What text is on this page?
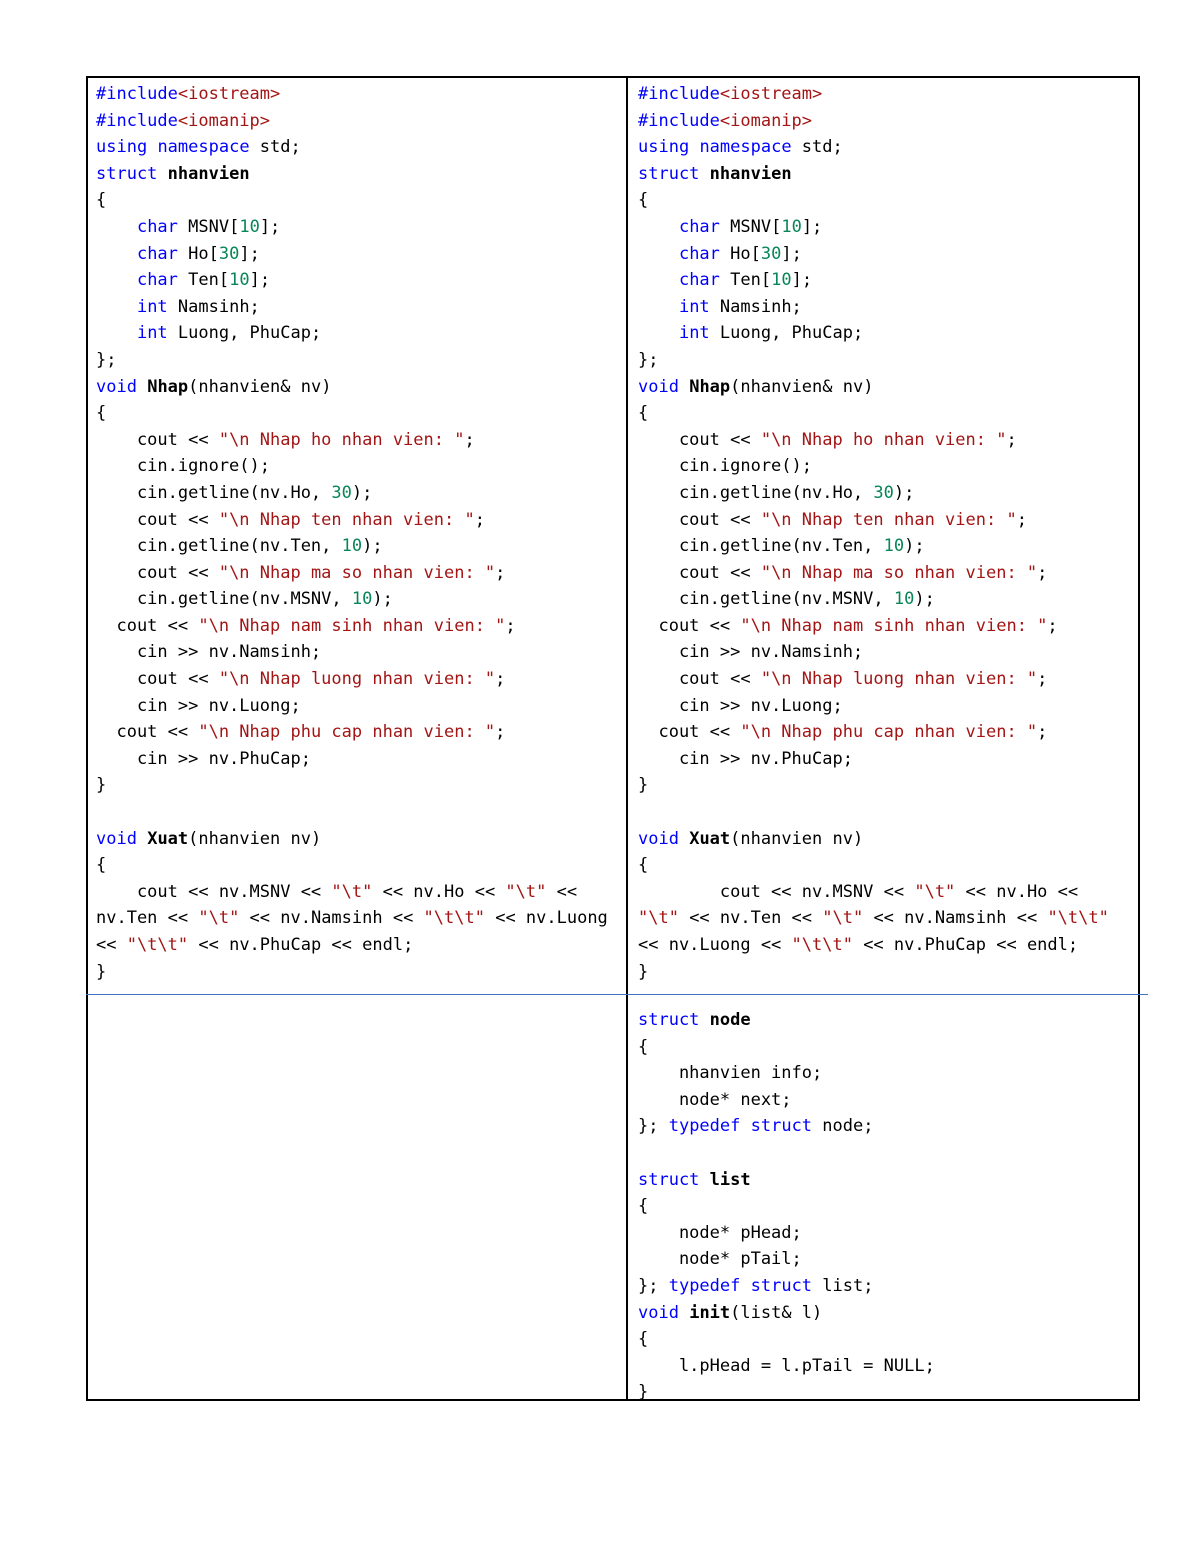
#include<iostream>
#include<iomanip>
using namespace std;
struct nhanvien
{
char MSNV[10];
char Ho[30];
char Ten[10];
int Namsinh;
int Luong, PhuCap;
};
void Nhap(nhanvien& nv)
{
cout << "\n Nhap ho nhan vien: ";
cin.ignore();
cin.getline(nv.Ho, 30);
cout << "\n Nhap ten nhan vien: ";
cin.getline(nv.Ten, 10);
cout << "\n Nhap ma so nhan vien: ";
cin.getline(nv.MSNV, 10);
cout << "\n Nhap nam sinh nhan vien: ";
cin >> nv.Namsinh;
cout << "\n Nhap luong nhan vien: ";
cin >> nv.Luong;
cout << "\n Nhap phu cap nhan vien: ";
cin >> nv.PhuCap;
}
void Xuat(nhanvien nv)
{
cout << nv.MSNV << "\t" << nv.Ho << "\t" <<
nv.Ten << "\t" << nv.Namsinh << "\t\t" << nv.Luong
<< "\t\t" << nv.PhuCap << endl;
}
#include<iostream>
#include<iomanip>
using namespace std;
struct nhanvien
{
char MSNV[10];
char Ho[30];
char Ten[10];
int Namsinh;
int Luong, PhuCap;
};
void Nhap(nhanvien& nv)
{
cout << "\n Nhap ho nhan vien: ";
cin.ignore();
cin.getline(nv.Ho, 30);
cout << "\n Nhap ten nhan vien: ";
cin.getline(nv.Ten, 10);
cout << "\n Nhap ma so nhan vien: ";
cin.getline(nv.MSNV, 10);
cout << "\n Nhap nam sinh nhan vien: ";
cin >> nv.Namsinh;
cout << "\n Nhap luong nhan vien: ";
cin >> nv.Luong;
cout << "\n Nhap phu cap nhan vien: ";
cin >> nv.PhuCap;
}
void Xuat(nhanvien nv)
{
cout << nv.MSNV << "\t" << nv.Ho <<
"\t" << nv.Ten << "\t" << nv.Namsinh << "\t\t"
<< nv.Luong << "\t\t" << nv.PhuCap << endl;
}
struct node
{
nhanvien info;
node* next;
}; typedef struct node;
struct list
{
node* pHead;
node* pTail;
}; typedef struct list;
void init(list& l)
{
l.pHead = l.pTail = NULL;
}
